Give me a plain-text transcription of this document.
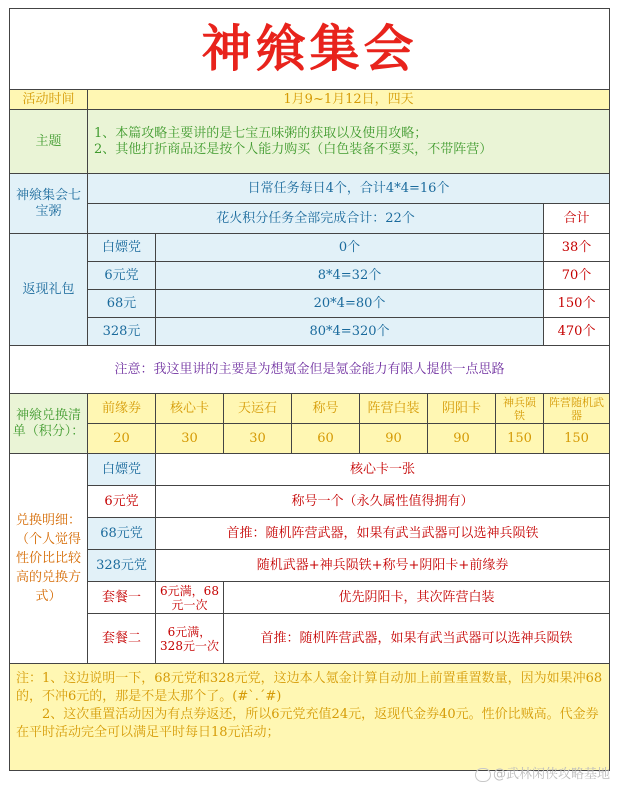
神飨集会								
活动时间	1月9~1月12日，四天							
主题	1、本篇攻略主要讲的是七宝五味粥的获取以及使用攻略；
2、其他打折商品还是按个人能力购买（白色装备不要买，不带阵营）							

神飨集会七宝粥	日常任务每日4个，合计4*4=16个							
	花火积分任务全部完成合计：22个							合计
返现礼包	白嫖党	0个						38个
	6元党	8*4=32个						70个
	68元	20*4=80个						150个
	328元	80*4=320个						470个
注意：我这里讲的主要是为想氪金但是氪金能力有限人提供一点思路								
神飨兑换清单（积分）：	前缘券	核心卡	天运石	称号	阵营白装	阴阳卡	神兵陨铁	阵营随机武器
	20	30	30	60	90	90	150	150
兑换明细：（个人觉得性价比比较高的兑换方式）	白嫖党	核心卡一张						
	6元党	称号一个（永久属性值得拥有）						
	68元党	首推：随机阵营武器，如果有武当武器可以选神兵陨铁						
	328元党	随机武器+神兵陨铁+称号+阴阳卡+前缘券						
	套餐一	6元满，68元一次	优先阴阳卡，其次阵营白装					
	套餐二	6元满，328元一次	首推：随机阵营武器，如果有武当武器可以选神兵陨铁					

注：1、这边说明一下，68元党和328元党，这边本人氪金计算自动加上前置重置数量，因为如果冲68的，不冲6元的，那是不是太那个了。(#`.´#)
2、这次重置活动因为有点券返还，所以6元党充值24元，返现代金券40元。性价比贼高。代金券在平时活动完全可以满足平时每日18元活动；								
@武林闲侠攻略基地
